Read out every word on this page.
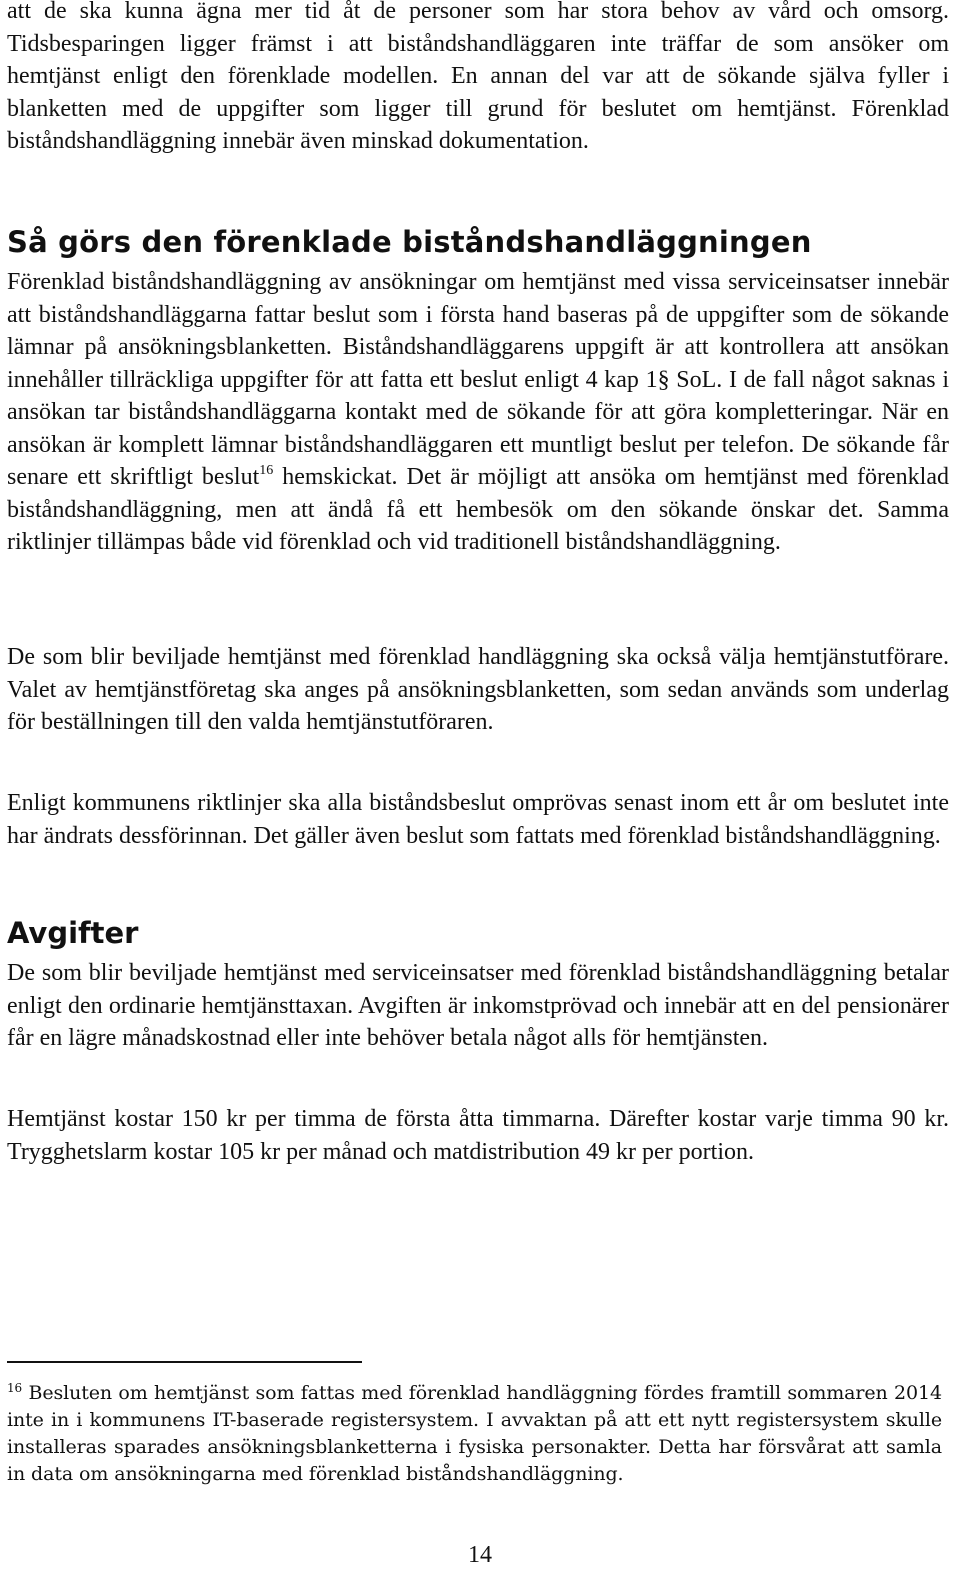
att de ska kunna ägna mer tid åt de personer som har stora behov av vård och omsorg. Tidsbesparingen ligger främst i att biståndshandläggaren inte träffar de som ansöker om hemtjänst enligt den förenklade modellen. En annan del var att de sökande själva fyller i blanketten med de uppgifter som ligger till grund för beslutet om hemtjänst. Förenklad biståndshandläggning innebär även minskad dokumentation.

Så görs den förenklade biståndshandläggningen

Förenklad biståndshandläggning av ansökningar om hemtjänst med vissa serviceinsatser innebär att biståndshandläggarna fattar beslut som i första hand baseras på de uppgifter som de sökande lämnar på ansökningsblanketten. Biståndshandläggarens uppgift är att kontrollera att ansökan innehåller tillräckliga uppgifter för att fatta ett beslut enligt 4 kap 1§ SoL. I de fall något saknas i ansökan tar biståndshandläggarna kontakt med de sökande för att göra kompletteringar. När en ansökan är komplett lämnar biståndshandläggaren ett muntligt beslut per telefon. De sökande får senare ett skriftligt beslut$^{16}$ hemskickat. Det är möjligt att ansöka om hemtjänst med förenklad biståndshandläggning, men att ändå få ett hembesök om den sökande önskar det. Samma riktlinjer tillämpas både vid förenklad och vid traditionell biståndshandläggning.

De som blir beviljade hemtjänst med förenklad handläggning ska också välja hemtjänstutförare. Valet av hemtjänstföretag ska anges på ansökningsblanketten, som sedan används som underlag för beställningen till den valda hemtjänstutföraren.

Enligt kommunens riktlinjer ska alla biståndsbeslut omprövas senast inom ett år om beslutet inte har ändrats dessförinnan. Det gäller även beslut som fattats med förenklad biståndshandläggning.

Avgifter

De som blir beviljade hemtjänst med serviceinsatser med förenklad biståndshandläggning betalar enligt den ordinarie hemtjänsttaxan. Avgiften är inkomstprövad och innebär att en del pensionärer får en lägre månadskostnad eller inte behöver betala något alls för hemtjänsten.

Hemtjänst kostar 150 kr per timma de första åtta timmarna. Därefter kostar varje timma 90 kr. Trygghetslarm kostar 105 kr per månad och matdistribution 49 kr per portion.

$^{16}$ Besluten om hemtjänst som fattas med förenklad handläggning fördes framtill sommaren 2014 inte in i kommunens IT-baserade registersystem. I avvaktan på att ett nytt registersystem skulle installeras sparades ansökningsblanketterna i fysiska personakter. Detta har försvårat att samla in data om ansökningarna med förenklad biståndshandläggning.

14
